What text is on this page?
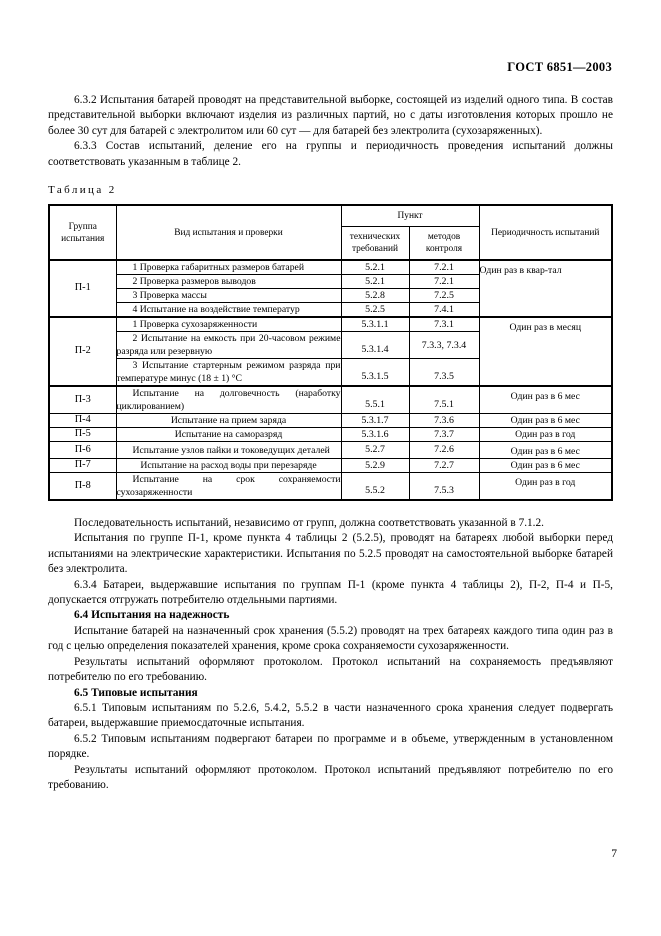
ГОСТ 6851—2003

6.3.2 Испытания батарей проводят на представительной выборке, состоящей из изделий одного типа. В состав представительной выборки включают изделия из различных партий, но с даты изготовления которых прошло не более 30 сут для батарей с электролитом или 60 сут — для батарей без электролита (сухозаряженных).

6.3.3 Состав испытаний, деление его на группы и периодичность проведения испытаний должны соответствовать указанным в таблице 2.

Таблица 2

Группа испытания	Вид испытания и проверки	Пункт		Периодичность испытаний

		технических требований	методов контроля	

П-1	1 Проверка габаритных размеров батарей	5.2.1	7.2.1	Один раз в квар-тал
	2 Проверка размеров выводов	5.2.1	7.2.1	
	3 Проверка массы	5.2.8	7.2.5	
	4 Испытание на воздействие температур	5.2.5	7.4.1	
П-2	1 Проверка сухозаряженности	5.3.1.1	7.3.1	Один раз в месяц
	2 Испытание на емкость при 20-часовом режиме разряда или резервную	5.3.1.4	7.3.3, 7.3.4	
	3 Испытание стартерным режимом разряда при температуре минус (18 ± 1) °C	5.3.1.5	7.3.5	
П-3	Испытание на долговечность (наработку циклированием)	5.5.1	7.5.1	Один раз в 6 мес
П-4	Испытание на прием заряда	5.3.1.7	7.3.6	Один раз в 6 мес
П-5	Испытание на саморазряд	5.3.1.6	7.3.7	Один раз в год
П-6	Испытание узлов пайки и токоведущих деталей	5.2.7	7.2.6	Один раз в 6 мес
П-7	Испытание на расход воды при перезаряде	5.2.9	7.2.7	Один раз в 6 мес
П-8	Испытание на срок сохраняемости сухозаряженности	5.5.2	7.5.3	Один раз в год

Последовательность испытаний, независимо от групп, должна соответствовать указанной в 7.1.2.

Испытания по группе П-1, кроме пункта 4 таблицы 2 (5.2.5), проводят на батареях любой выборки перед испытаниями на электрические характеристики. Испытания по 5.2.5 проводят на самостоятельной выборке батарей без электролита.

6.3.4 Батареи, выдержавшие испытания по группам П-1 (кроме пункта 4 таблицы 2), П-2, П-4 и П-5, допускается отгружать потребителю отдельными партиями.

6.4 Испытания на надежность

Испытание батарей на назначенный срок хранения (5.5.2) проводят на трех батареях каждого типа один раз в год с целью определения показателей хранения, кроме срока сохраняемости сухозаряженности.

Результаты испытаний оформляют протоколом. Протокол испытаний на сохраняемость предъявляют потребителю по его требованию.

6.5 Типовые испытания

6.5.1 Типовым испытаниям по 5.2.6, 5.4.2, 5.5.2 в части назначенного срока хранения следует подвергать батареи, выдержавшие приемосдаточные испытания.

6.5.2 Типовым испытаниям подвергают батареи по программе и в объеме, утвержденным в установленном порядке.

Результаты испытаний оформляют протоколом. Протокол испытаний предъявляют потребителю по его требованию.

7
